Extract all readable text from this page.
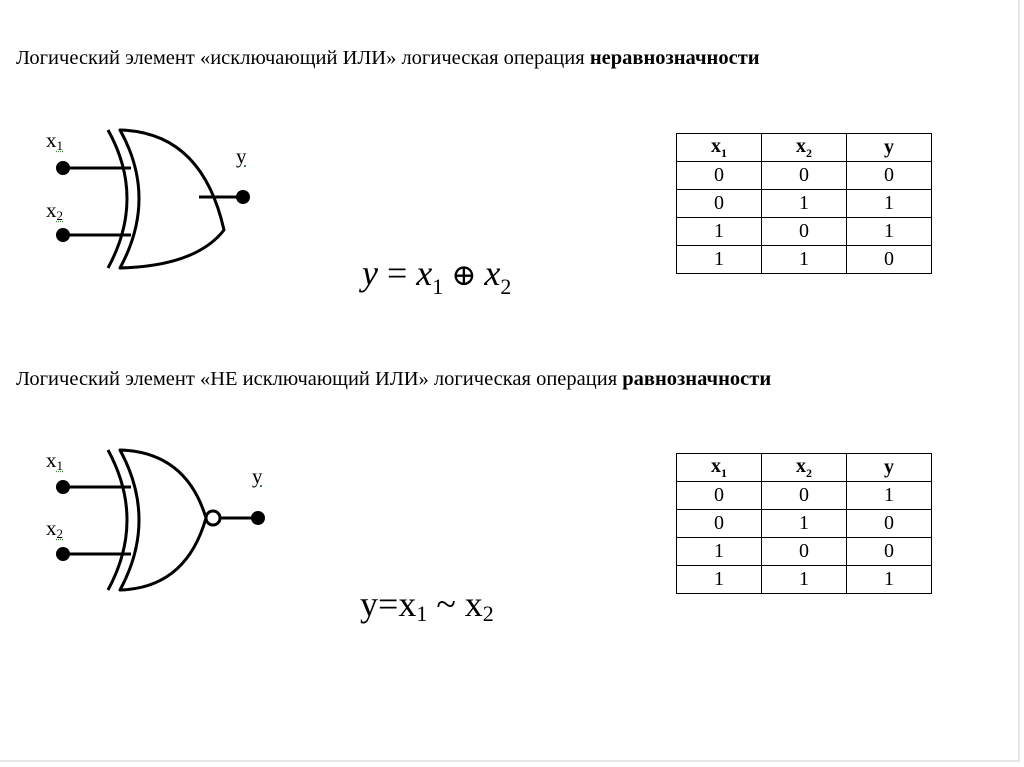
Логический элемент «исключающий ИЛИ» логическая операция неравнозначности
$x_1$
$x_2$
y
$y = x_1$ ⊕ $x_2$
$x_1$	$x_2$	y
0	0	0
0	1	1
1	0	1
1	1	0
Логический элемент «НЕ исключающий ИЛИ» логическая операция равнозначности
$x_1$
$x_2$
y
$y=x_1$ ~ $x_2$
$x_1$	$x_2$	y
0	0	1
0	1	0
1	0	0
1	1	1
